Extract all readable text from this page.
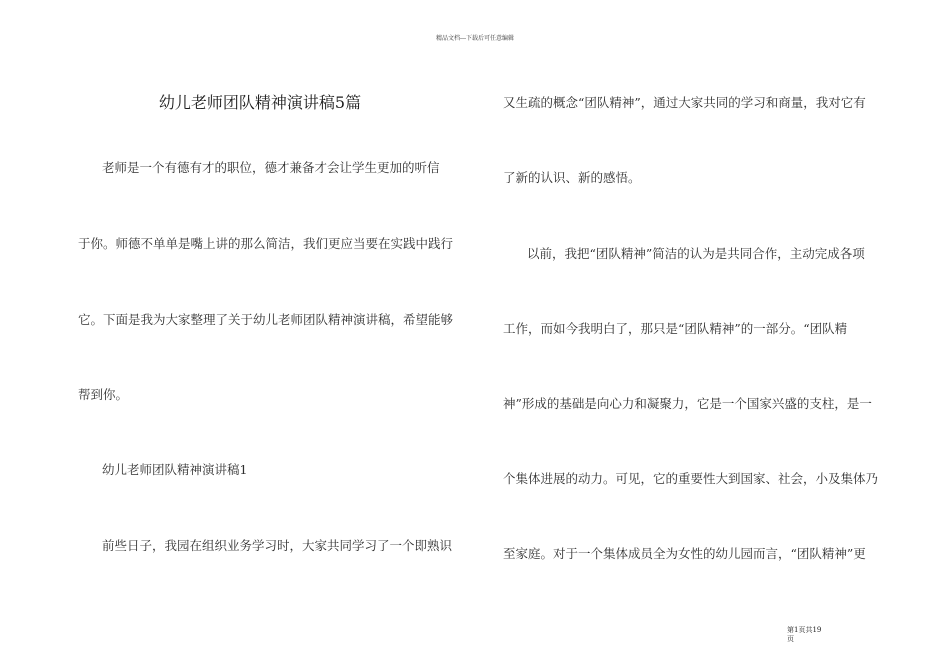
精品文档---下载后可任意编辑
幼儿老师团队精神演讲稿5篇
老师是一个有德有才的职位，德才兼备才会让学生更加的听信
于你。师德不单单是嘴上讲的那么简洁，我们更应当要在实践中践行
它。下面是我为大家整理了关于幼儿老师团队精神演讲稿，希望能够
帮到你。
幼儿老师团队精神演讲稿1
前些日子，我园在组织业务学习时，大家共同学习了一个即熟识
又生疏的概念“团队精神”，通过大家共同的学习和商量，我对它有
了新的认识、新的感悟。
以前，我把“团队精神”简洁的认为是共同合作，主动完成各项
工作，而如今我明白了，那只是“团队精神”的一部分。“团队精
神”形成的基础是向心力和凝聚力，它是一个国家兴盛的支柱，是一
个集体进展的动力。可见，它的重要性大到国家、社会，小及集体乃
至家庭。对于一个集体成员全为女性的幼儿园而言，“团队精神”更
第1页共19
页
